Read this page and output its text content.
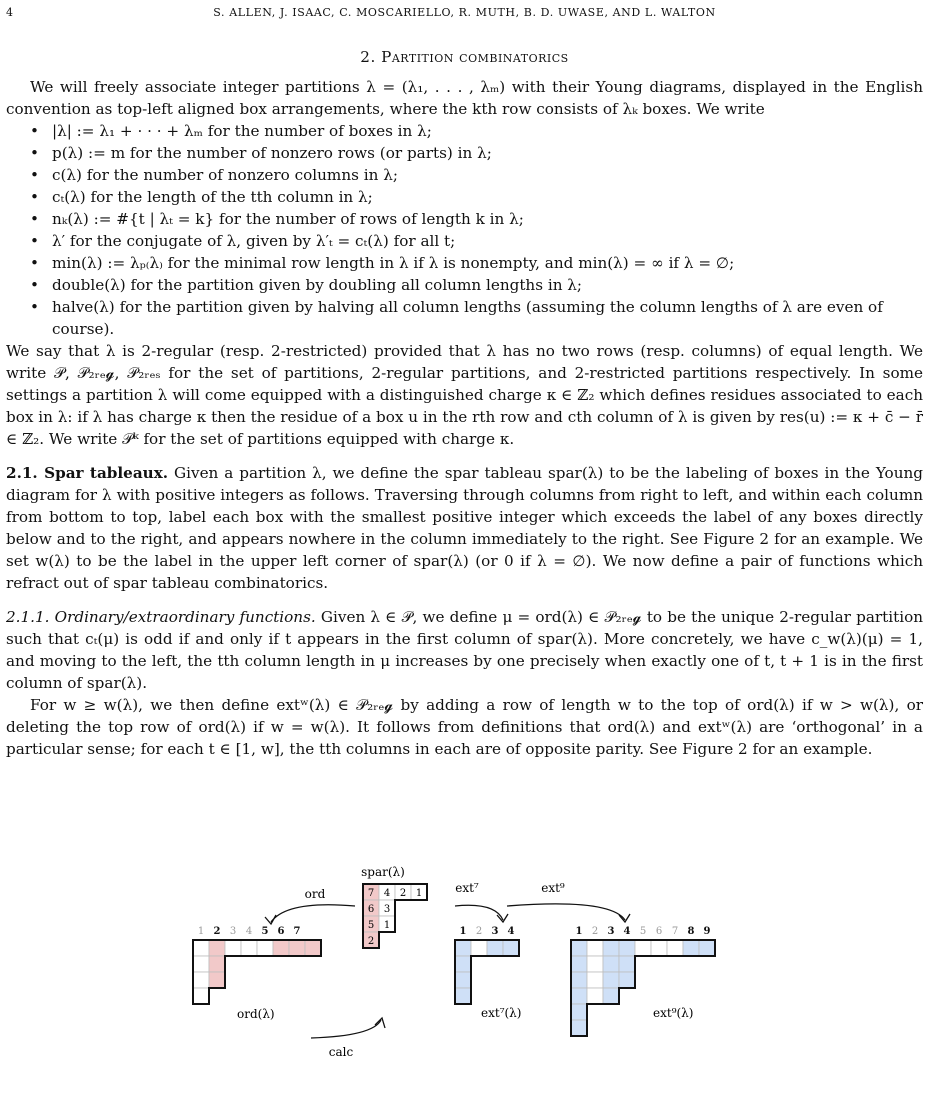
4	S. ALLEN, J. ISAAC, C. MOSCARIELLO, R. MUTH, B. D. UWASE, AND L. WALTON
2. Partition combinatorics

We will freely associate integer partitions λ = (λ₁, . . . , λₘ) with their Young diagrams, displayed in the English convention as top-left aligned box arrangements, where the kth row consists of λₖ boxes. We write

• |λ| := λ₁ + · · · + λₘ for the number of boxes in λ;
• p(λ) := m for the number of nonzero rows (or parts) in λ;
• c(λ) for the number of nonzero columns in λ;
• cₜ(λ) for the length of the tth column in λ;
• nₖ(λ) := #{t | λₜ = k} for the number of rows of length k in λ;
• λ′ for the conjugate of λ, given by λ′ₜ = cₜ(λ) for all t;
• min(λ) := λₚ₍λ₎ for the minimal row length in λ if λ is nonempty, and min(λ) = ∞ if λ = ∅;
• double(λ) for the partition given by doubling all column lengths in λ;
• halve(λ) for the partition given by halving all column lengths (assuming the column lengths of λ are even of course).

We say that λ is 2-regular (resp. 2-restricted) provided that λ has no two rows (resp. columns) of equal length. We write 𝒫, 𝒫₂ᵣₑ𝓰, 𝒫₂ᵣₑₛ for the set of partitions, 2-regular partitions, and 2-restricted partitions respectively. In some settings a partition λ will come equipped with a distinguished charge κ ∈ ℤ₂ which defines residues associated to each box in λ: if λ has charge κ then the residue of a box u in the rth row and cth column of λ is given by res(u) := κ + c̄ − r̄ ∈ ℤ₂. We write 𝒫ᵏ for the set of partitions equipped with charge κ.

2.1. Spar tableaux. Given a partition λ, we define the spar tableau spar(λ) to be the labeling of boxes in the Young diagram for λ with positive integers as follows. Traversing through columns from right to left, and within each column from bottom to top, label each box with the smallest positive integer which exceeds the label of any boxes directly below and to the right, and appears nowhere in the column immediately to the right. See Figure 2 for an example. We set w(λ) to be the label in the upper left corner of spar(λ) (or 0 if λ = ∅). We now define a pair of functions which refract out of spar tableau combinatorics.

2.1.1. Ordinary/extraordinary functions. Given λ ∈ 𝒫, we define μ = ord(λ) ∈ 𝒫₂ᵣₑ𝓰 to be the unique 2-regular partition such that cₜ(μ) is odd if and only if t appears in the first column of spar(λ). More concretely, we have c_w(λ)(μ) = 1, and moving to the left, the tth column length in μ increases by one precisely when exactly one of t, t + 1 is in the first column of spar(λ).

For w ≥ w(λ), we then define extʷ(λ) ∈ 𝒫₂ᵣₑ𝓰 by adding a row of length w to the top of ord(λ) if w > w(λ), or deleting the top row of ord(λ) if w = w(λ). It follows from definitions that ord(λ) and extʷ(λ) are ‘orthogonal’ in a particular sense; for each t ∈ [1, w], the tth columns in each are of opposite parity. See Figure 2 for an example.

spar(λ)
7 4 2 1
6 3
5 1
2
ord	ext⁷	ext⁹
calc
1 2 3 4 5 6 7
ord(λ)
1 2 3 4
ext⁷(λ)
1 2 3 4 5 6 7 8 9
ext⁹(λ)
